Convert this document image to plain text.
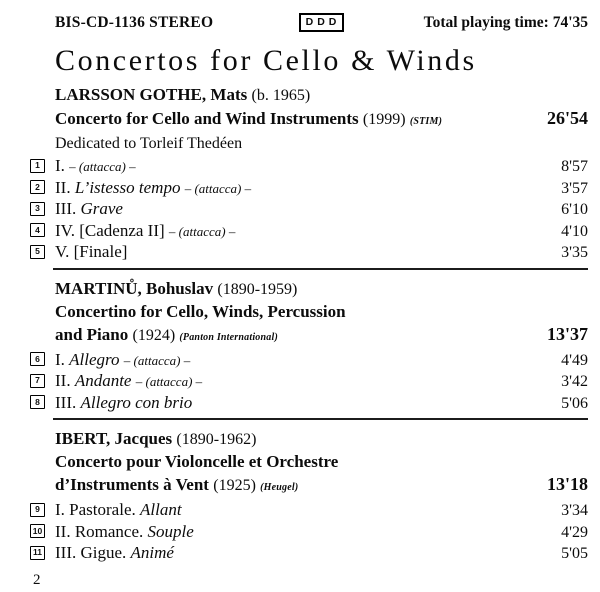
BIS-CD-1136 STEREO	DDD	Total playing time: 74'35
Concertos for Cello & Winds
LARSSON GOTHE, Mats (b. 1965)
Concerto for Cello and Wind Instruments (1999) (STIM)	26'54
Dedicated to Torleif Thedéen
1 I. – (attacca) –	8'57
2 II. L’istesso tempo – (attacca) –	3'57
3 III. Grave	6'10
4 IV. [Cadenza II] – (attacca) –	4'10
5 V. [Finale]	3'35
MARTINŮ, Bohuslav (1890-1959)
Concertino for Cello, Winds, Percussion
and Piano (1924) (Panton International)	13'37
6 I. Allegro – (attacca) –	4'49
7 II. Andante – (attacca) –	3'42
8 III. Allegro con brio	5'06
IBERT, Jacques (1890-1962)
Concerto pour Violoncelle et Orchestre
d’Instruments à Vent (1925) (Heugel)	13'18
9 I. Pastorale. Allant	3'34
10 II. Romance. Souple	4'29
11 III. Gigue. Animé	5'05
2
